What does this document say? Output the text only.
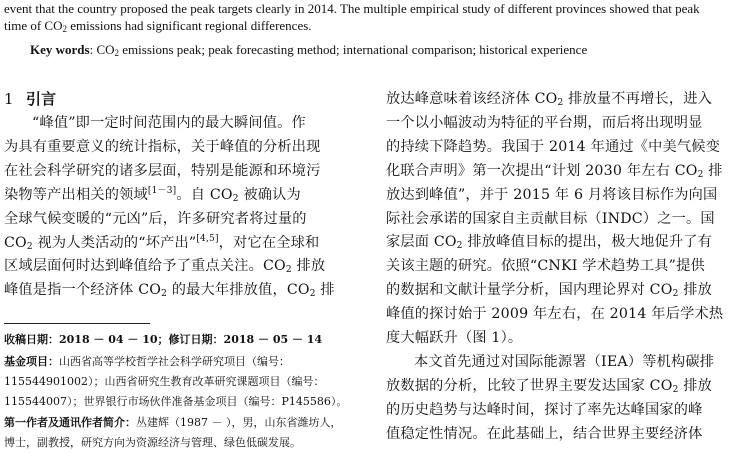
event that the country proposed the peak targets clearly in 2014. The multiple empirical study of different provinces showed that peak
time of $CO_2$ emissions had significant regional differences.
Key words: $CO_2$ emissions peak; peak forecasting method; international comparison; historical experience
1 引言
“峰值”即一定时间范围内的最大瞬间值。作
为具有重要意义的统计指标，关于峰值的分析出现
在社会科学研究的诸多层面，特别是能源和环境污
染物等产出相关的领域[1－3]。自 $CO_2$ 被确认为
全球气候变暖的“元凶”后，许多研究者将过量的
$CO_2$ 视为人类活动的“坏产出”[4,5]，对它在全球和
区域层面何时达到峰值给予了重点关注。$CO_2$ 排放
峰值是指一个经济体 $CO_2$ 的最大年排放值，$CO_2$ 排
收稿日期：2018 － 04 － 10；修订日期：2018 － 05 － 14
基金项目：山西省高等学校哲学社会科学研究项目（编号：
115544901002）；山西省研究生教育改革研究课题项目（编号：
115544007）；世界银行市场伙伴准备基金项目（编号：P145586）。
第一作者及通讯作者简介：丛建辉（1987 － ），男，山东省潍坊人，
博士，副教授，研究方向为资源经济与管理、绿色低碳发展。
放达峰意味着该经济体 $CO_2$ 排放量不再增长，进入
一个以小幅波动为特征的平台期，而后将出现明显
的持续下降趋势。我国于 2014 年通过《中美气候变
化联合声明》第一次提出“计划 2030 年左右 $CO_2$ 排
放达到峰值”，并于 2015 年 6 月将该目标作为向国
际社会承诺的国家自主贡献目标（INDC）之一。国
家层面 $CO_2$ 排放峰值目标的提出，极大地促升了有
关该主题的研究。依照“CNKI 学术趋势工具”提供
的数据和文献计量学分析，国内理论界对 $CO_2$ 排放
峰值的探讨始于 2009 年左右，在 2014 年后学术热
度大幅跃升（图 1）。
本文首先通过对国际能源署（IEA）等机构碳排
放数据的分析，比较了世界主要发达国家 $CO_2$ 排放
的历史趋势与达峰时间，探讨了率先达峰国家的峰
值稳定性情况。在此基础上，结合世界主要经济体
